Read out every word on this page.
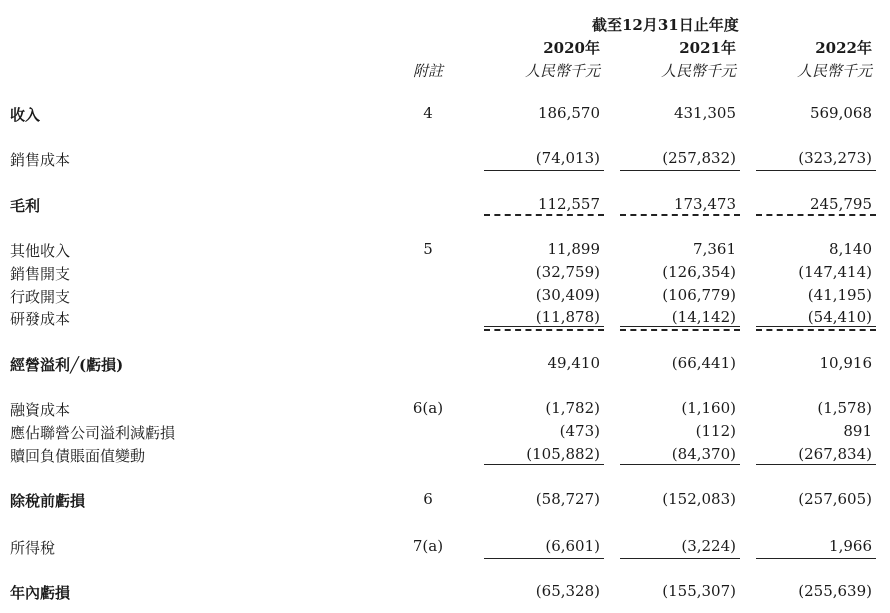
截至12月31日止年度
2020年	2021年	2022年
附註	人民幣千元	人民幣千元	人民幣千元
收入	4	186,570	431,305	569,068
銷售成本	(74,013)	(257,832)	(323,273)
毛利	112,557	173,473	245,795
其他收入	5	11,899	7,361	8,140
銷售開支	(32,759)	(126,354)	(147,414)
行政開支	(30,409)	(106,779)	(41,195)
研發成本	(11,878)	(14,142)	(54,410)
經營溢利╱(虧損)	49,410	(66,441)	10,916
融資成本	6(a)	(1,782)	(1,160)	(1,578)
應佔聯營公司溢利減虧損	(473)	(112)	891
贖回負債賬面值變動	(105,882)	(84,370)	(267,834)
除稅前虧損	6	(58,727)	(152,083)	(257,605)
所得稅	7(a)	(6,601)	(3,224)	1,966
年內虧損	(65,328)	(155,307)	(255,639)
